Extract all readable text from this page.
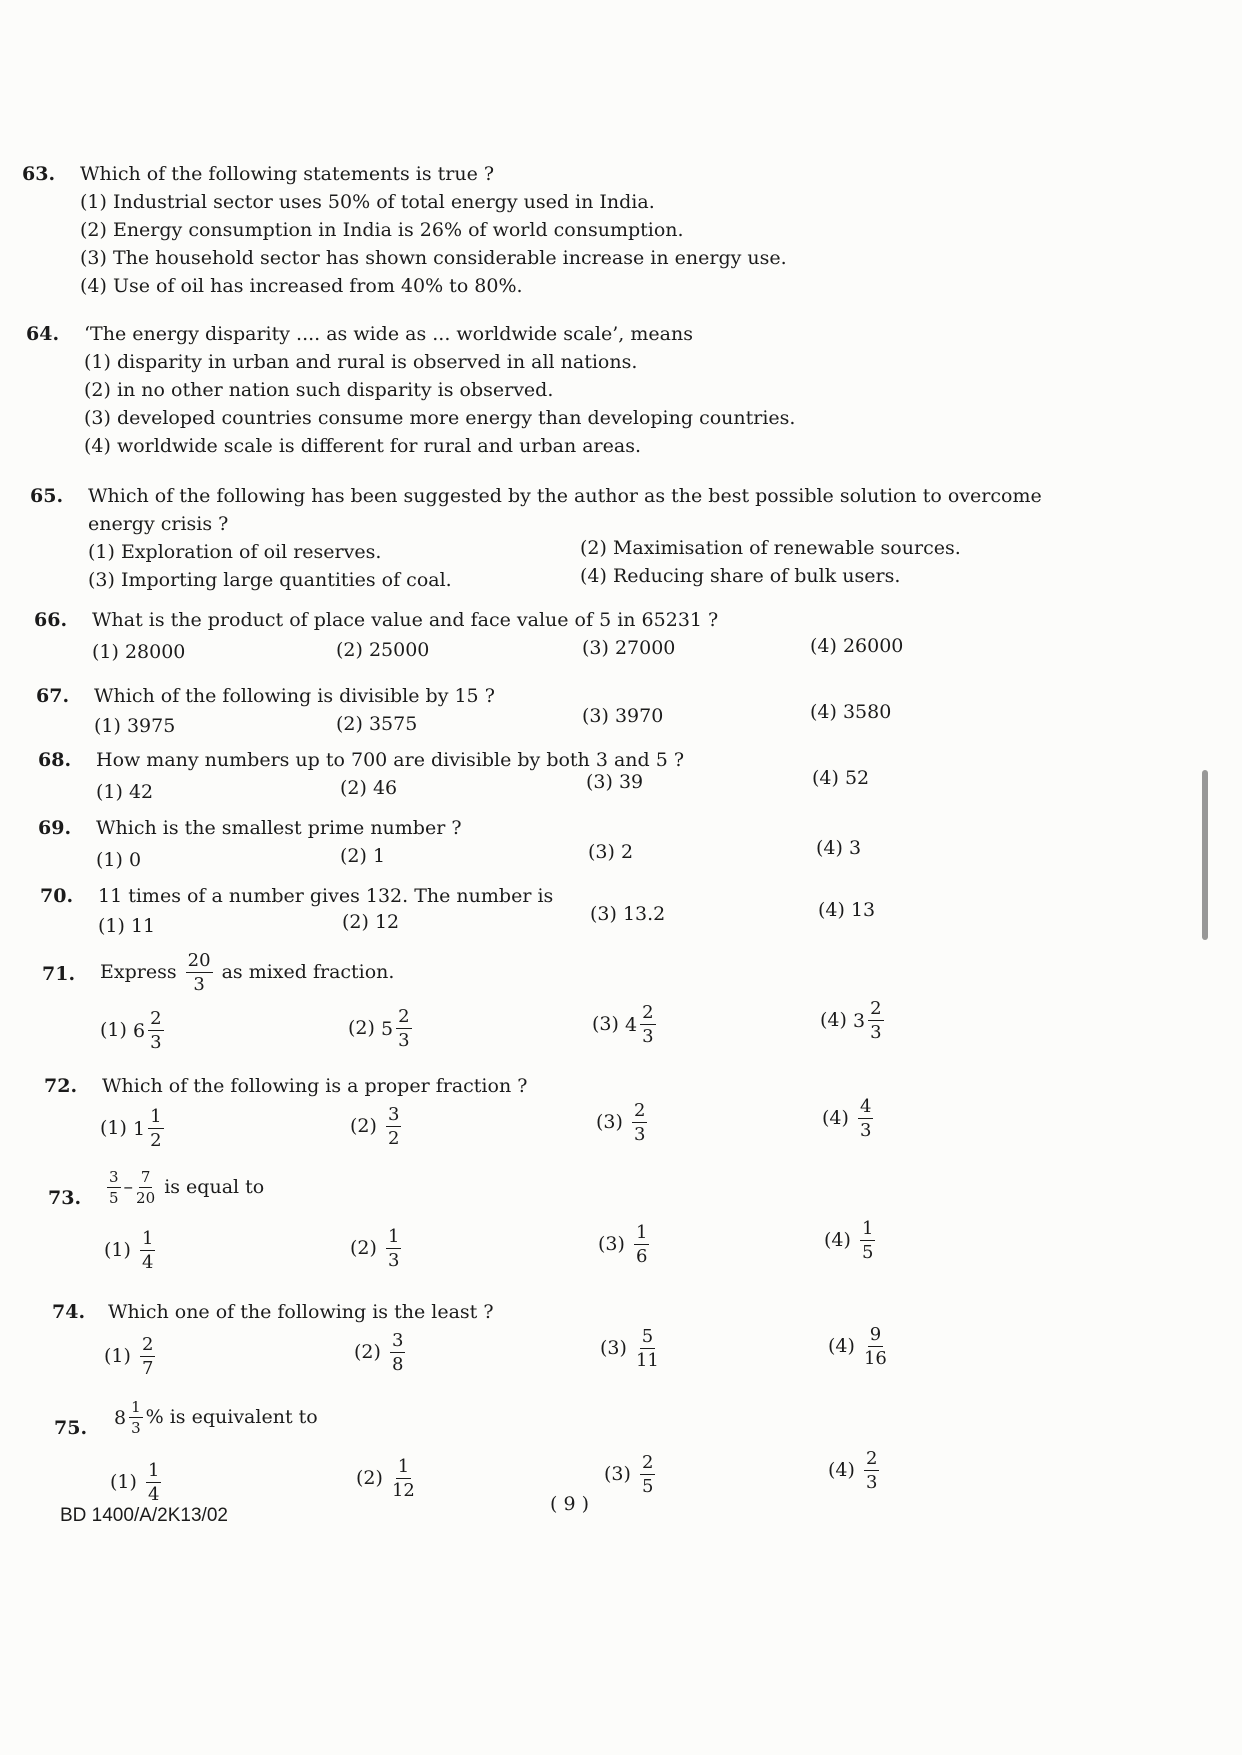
63.	Which of the following statements is true ?
(1) Industrial sector uses 50% of total energy used in India.
(2) Energy consumption in India is 26% of world consumption.
(3) The household sector has shown considerable increase in energy use.
(4) Use of oil has increased from 40% to 80%.
64.	‘The energy disparity .... as wide as ... worldwide scale’, means
(1) disparity in urban and rural is observed in all nations.
(2) in no other nation such disparity is observed.
(3) developed countries consume more energy than developing countries.
(4) worldwide scale is different for rural and urban areas.
65.	Which of the following has been suggested by the author as the best possible solution to overcome
energy crisis ?
(1) Exploration of oil reserves.	(2) Maximisation of renewable sources.
(3) Importing large quantities of coal.	(4) Reducing share of bulk users.
66.	What is the product of place value and face value of 5 in 65231 ?
(1) 28000	(2) 25000	(3) 27000	(4) 26000
67.	Which of the following is divisible by 15 ?
(1) 3975	(2) 3575	(3) 3970	(4) 3580
68.	How many numbers up to 700 are divisible by both 3 and 5 ?
(1) 42	(2) 46	(3) 39	(4) 52
69.	Which is the smallest prime number ?
(1) 0	(2) 1	(3) 2	(4) 3
70.	11 times of a number gives 132. The number is
(1) 11	(2) 12	(3) 13.2	(4) 13
71.	Express $\frac{20}{3}$ as mixed fraction.
(1) $6 \frac{2}{3}$	(2) $5 \frac{2}{3}$	(3) $4 \frac{2}{3}$	(4) $3 \frac{2}{3}$
72.	Which of the following is a proper fraction ?
(1) $1 \frac{1}{2}$	$(2) \frac{3}{2}$	$(3) \frac{2}{3}$	$(4) \frac{4}{3}$
73.	$\frac{3}{5} - \frac{7}{20}$ is equal to
$(1) \frac{1}{4}$	$(2) \frac{1}{3}$	$(3) \frac{1}{6}$	$(4) \frac{1}{5}$
74.	Which one of the following is the least ?
$(1) \frac{2}{7}$	$(2) \frac{3}{8}$	$(3) \frac{5}{11}$	$(4) \frac{9}{16}$
75.	$8 \frac{1}{3}$ % is equivalent to
$(1) \frac{1}{4}$	$(2) \frac{1}{12}$	$(3) \frac{2}{5}$	$(4) \frac{2}{3}$
BD 1400/A/2K13/02
( 9 )
